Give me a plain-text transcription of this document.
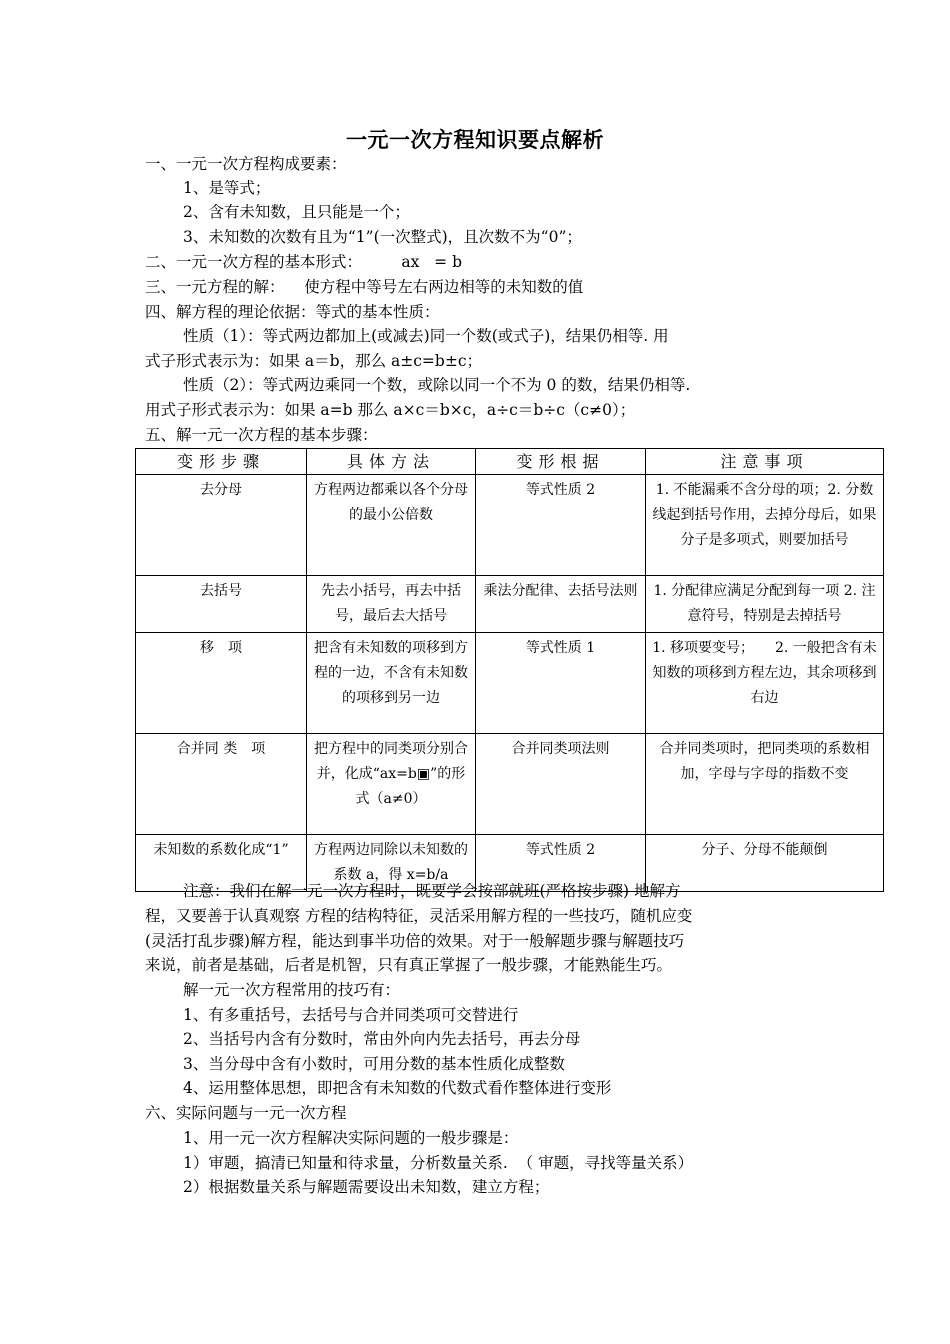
一元一次方程知识要点解析
一、一元一次方程构成要素：
1、是等式；
2、含有未知数，且只能是一个；
3、未知数的次数有且为“1”(一次整式)，且次数不为“0”；
二、一元一次方程的基本形式：        ax   = b
三、一元方程的解：    使方程中等号左右两边相等的未知数的值
四、解方程的理论依据：等式的基本性质：
性质（1）：等式两边都加上(或减去)同一个数(或式子)，结果仍相等. 用
式子形式表示为：如果 a＝b，那么 a±c=b±c；
性质（2）：等式两边乘同一个数，或除以同一个不为 0 的数，结果仍相等.
用式子形式表示为：如果 a=b 那么 a×c＝b×c，a÷c＝b÷c（c≠0）；
五、解一元一次方程的基本步骤：
变形步骤	具体方法	变形根据	注意事项
去分母	方程两边都乘以各个分母的最小公倍数	等式性质 2	1. 不能漏乘不含分母的项；2. 分数线起到括号作用，去掉分母后，如果分子是多项式，则要加括号
去括号	先去小括号，再去中括号，最后去大括号	乘法分配律、去括号法则	1. 分配律应满足分配到每一项 2. 注意符号，特别是去掉括号
移　项	把含有未知数的项移到方程的一边，不含有未知数的项移到另一边	等式性质 1	1. 移项要变号；　　2. 一般把含有未知数的项移到方程左边，其余项移到右边
合并同 类　项	把方程中的同类项分别合并，化成“ax=b▣”的形式（a≠0）	合并同类项法则	合并同类项时，把同类项的系数相加，字母与字母的指数不变
未知数的系数化成“1”	方程两边同除以未知数的系数 a，得 x=b/a	等式性质 2	分子、分母不能颠倒
注意：我们在解一元一次方程时，既要学会按部就班(严格按步骤) 地解方
程，又要善于认真观察 方程的结构特征，灵活采用解方程的一些技巧，随机应变
(灵活打乱步骤)解方程，能达到事半功倍的效果。对于一般解题步骤与解题技巧
来说，前者是基础，后者是机智，只有真正掌握了一般步骤，才能熟能生巧。
解一元一次方程常用的技巧有：
1、有多重括号，去括号与合并同类项可交替进行
2、当括号内含有分数时，常由外向内先去括号，再去分母
3、当分母中含有小数时，可用分数的基本性质化成整数
4、运用整体思想，即把含有未知数的代数式看作整体进行变形
六、实际问题与一元一次方程
1、用一元一次方程解决实际问题的一般步骤是：
1）审题，搞清已知量和待求量，分析数量关系.  （ 审题，寻找等量关系）
2）根据数量关系与解题需要设出未知数，建立方程；
